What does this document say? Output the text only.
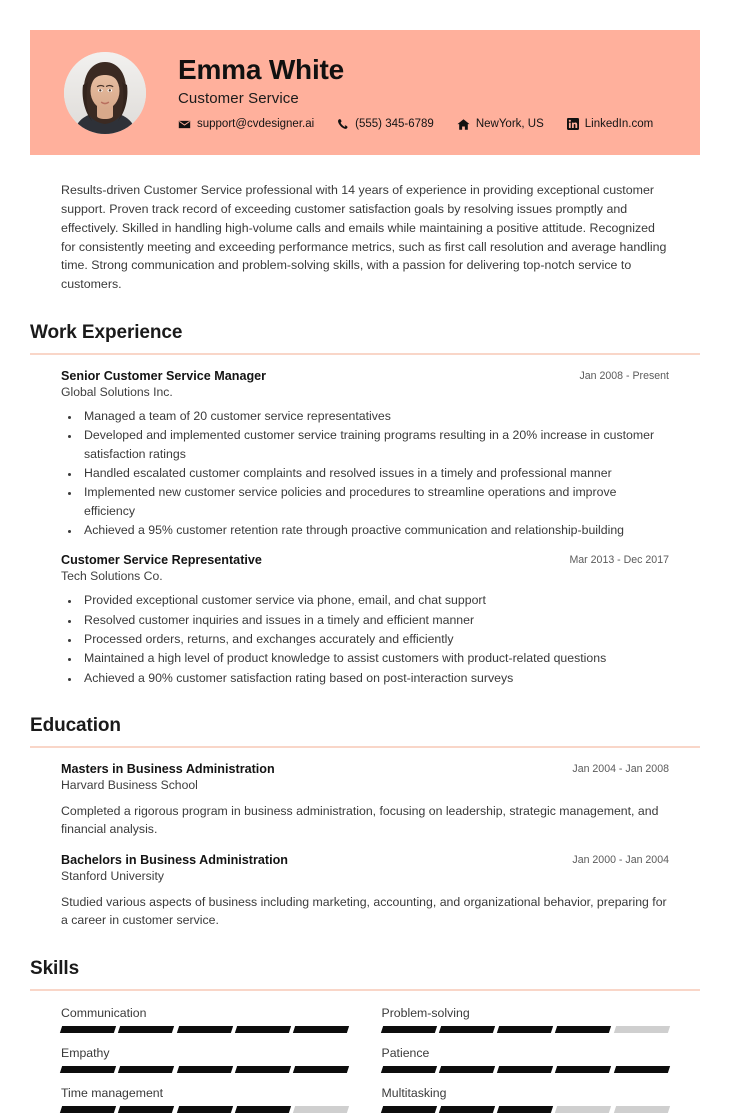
Emma White
Customer Service
support@cvdesigner.ai	(555) 345-6789	NewYork, US	LinkedIn.com
Results-driven Customer Service professional with 14 years of experience in providing exceptional customer support. Proven track record of exceeding customer satisfaction goals by resolving issues promptly and effectively. Skilled in handling high-volume calls and emails while maintaining a positive attitude. Recognized for consistently meeting and exceeding performance metrics, such as first call resolution and average handling time. Strong communication and problem-solving skills, with a passion for delivering top-notch service to customers.
Work Experience
Senior Customer Service Manager	Jan 2008 - Present
Global Solutions Inc.
• Managed a team of 20 customer service representatives
• Developed and implemented customer service training programs resulting in a 20% increase in customer satisfaction ratings
• Handled escalated customer complaints and resolved issues in a timely and professional manner
• Implemented new customer service policies and procedures to streamline operations and improve efficiency
• Achieved a 95% customer retention rate through proactive communication and relationship-building
Customer Service Representative	Mar 2013 - Dec 2017
Tech Solutions Co.
• Provided exceptional customer service via phone, email, and chat support
• Resolved customer inquiries and issues in a timely and efficient manner
• Processed orders, returns, and exchanges accurately and efficiently
• Maintained a high level of product knowledge to assist customers with product-related questions
• Achieved a 90% customer satisfaction rating based on post-interaction surveys
Education
Masters in Business Administration	Jan 2004 - Jan 2008
Harvard Business School
Completed a rigorous program in business administration, focusing on leadership, strategic management, and financial analysis.
Bachelors in Business Administration	Jan 2000 - Jan 2004
Stanford University
Studied various aspects of business including marketing, accounting, and organizational behavior, preparing for a career in customer service.
Skills
Communication	Problem-solving
Empathy	Patience
Time management	Multitasking
